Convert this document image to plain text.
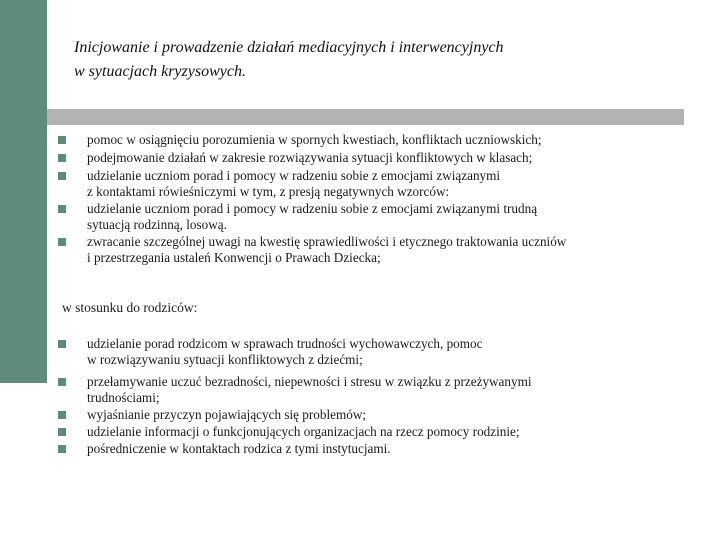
Inicjowanie i prowadzenie działań mediacyjnych i interwencyjnych
w sytuacjach kryzysowych.
pomoc w osiągnięciu porozumienia w spornych kwestiach, konfliktach uczniowskich;
podejmowanie działań w zakresie rozwiązywania sytuacji konfliktowych w klasach;
udzielanie uczniom porad i pomocy w radzeniu sobie z emocjami związanymi
z kontaktami rówieśniczymi w tym, z presją negatywnych wzorców:
udzielanie uczniom porad i pomocy w radzeniu sobie z emocjami związanymi trudną
sytuacją rodzinną, losową.
zwracanie szczególnej uwagi na kwestię sprawiedliwości i etycznego traktowania uczniów
i przestrzegania ustaleń Konwencji o Prawach Dziecka;
w stosunku do rodziców:
udzielanie porad rodzicom w sprawach trudności wychowawczych, pomoc
w rozwiązywaniu sytuacji konfliktowych z dziećmi;
przełamywanie uczuć bezradności, niepewności i stresu w związku z przeżywanymi
trudnościami;
wyjaśnianie przyczyn pojawiających się problemów;
udzielanie informacji o funkcjonujących organizacjach na rzecz pomocy rodzinie;
pośredniczenie w kontaktach rodzica z tymi instytucjami.
